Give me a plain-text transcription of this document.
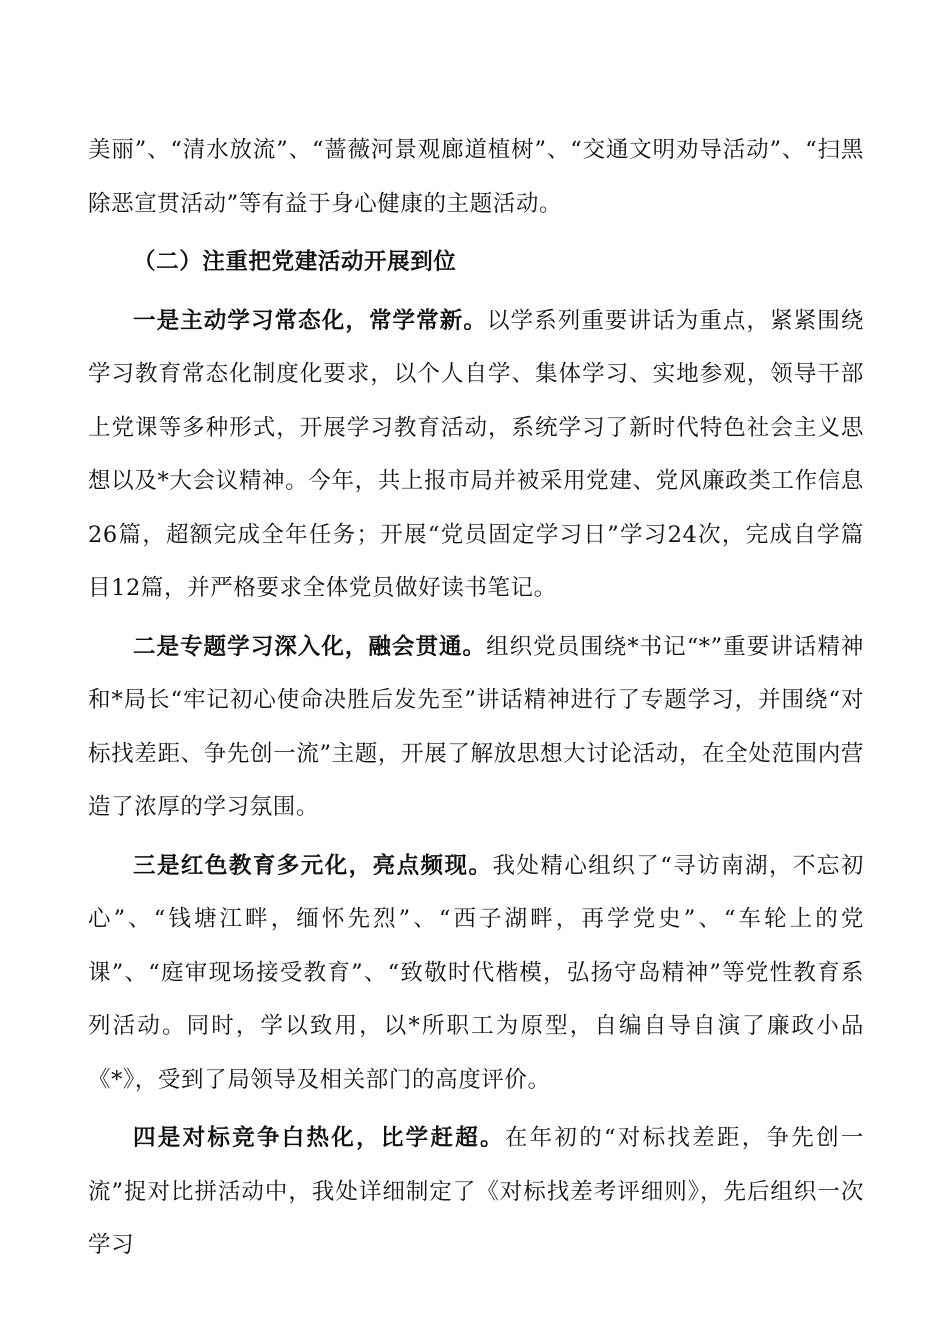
美丽”、“清水放流”、“蔷薇河景观廊道植树”、“交通文明劝导活动”、“扫黑除恶宣贯活动”等有益于身心健康的主题活动。

（二）注重把党建活动开展到位

一是主动学习常态化，常学常新。以学系列重要讲话为重点，紧紧围绕学习教育常态化制度化要求，以个人自学、集体学习、实地参观，领导干部上党课等多种形式，开展学习教育活动，系统学习了新时代特色社会主义思想以及*大会议精神。今年，共上报市局并被采用党建、党风廉政类工作信息26篇，超额完成全年任务；开展“党员固定学习日”学习24次，完成自学篇目12篇，并严格要求全体党员做好读书笔记。

二是专题学习深入化，融会贯通。组织党员围绕*书记“*”重要讲话精神和*局长“牢记初心使命决胜后发先至”讲话精神进行了专题学习，并围绕“对标找差距、争先创一流”主题，开展了解放思想大讨论活动，在全处范围内营造了浓厚的学习氛围。

三是红色教育多元化，亮点频现。我处精心组织了“寻访南湖，不忘初心”、“钱塘江畔，缅怀先烈”、“西子湖畔，再学党史”、“车轮上的党课”、“庭审现场接受教育”、“致敬时代楷模，弘扬守岛精神”等党性教育系列活动。同时，学以致用，以*所职工为原型，自编自导自演了廉政小品《*》，受到了局领导及相关部门的高度评价。

四是对标竞争白热化，比学赶超。在年初的“对标找差距，争先创一流”捉对比拼活动中，我处详细制定了《对标找差考评细则》，先后组织一次学习
